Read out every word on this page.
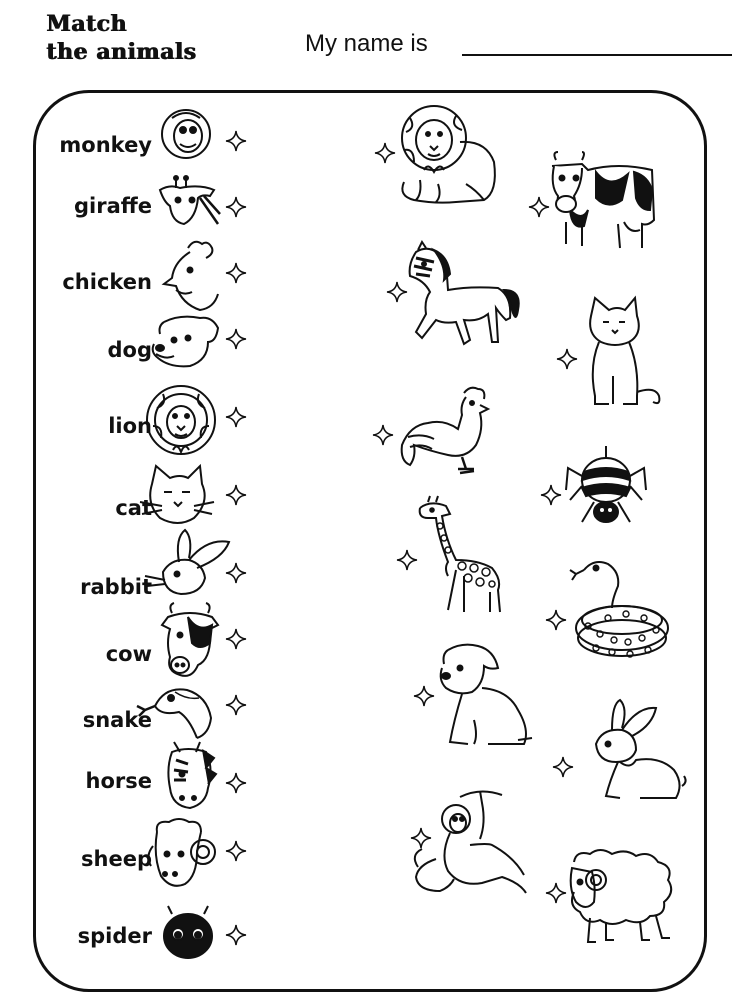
Match
the animals	My name is
monkey
giraffe
chicken
dog
lion
cat
rabbit
cow
snake
horse
sheep
spider
